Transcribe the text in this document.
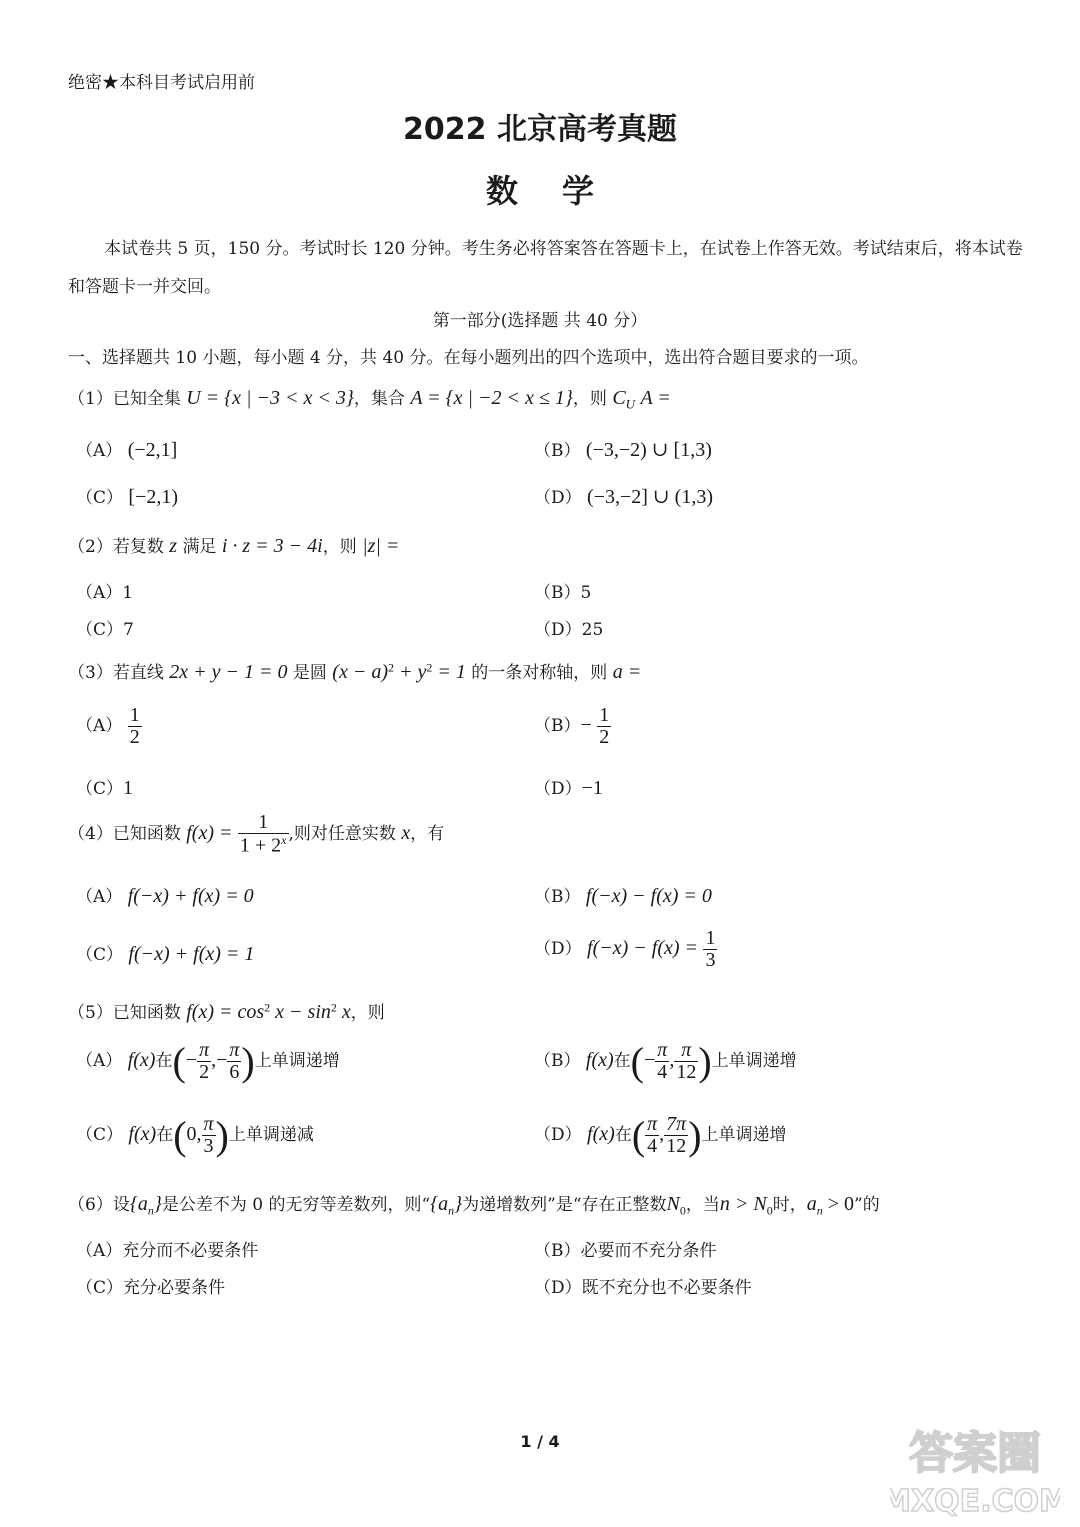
绝密★本科目考试启用前
2022 北京高考真题
数学
本试卷共 5 页，150 分。考试时长 120 分钟。考生务必将答案答在答题卡上，在试卷上作答无效。考试结束后，将本试卷和答题卡一并交回。
第一部分(选择题 共 40 分）
一、选择题共 10 小题，每小题 4 分，共 40 分。在每小题列出的四个选项中，选出符合题目要求的一项。
（1）已知全集 U = {x | −3 < x < 3}，集合 A = {x | −2 < x ≤ 1}，则 $C_U$ A =
（A） (−2,1]	（B） (−3,−2) ∪ [1,3)
（C） [−2,1)	（D） (−3,−2] ∪ (1,3)
（2）若复数 z 满足 i · z = 3 − 4i，则 |z| =
（A）1	（B）5
（C）7	（D）25
（3）若直线 2x + y − 1 = 0 是圆 $(x - a)^2 + y^2 = 1$ 的一条对称轴，则 a =
$(A) \frac{1}{2}$	$(B)- \frac{1}{2}$
（C）1	（D）−1
（4）已知函数 $f(x) = \frac{1}{1 + 2^x}$ ,则对任意实数 x，有
（A） f(−x) + f(x) = 0	（B） f(−x) − f(x) = 0
（C） f(−x) + f(x) = 1	（D） $f(-x) - f(x) = \frac{1}{3}$
（5）已知函数 $f(x) = \cos^2 x - \sin^2 x$，则
（A） f(x)在(− $\frac{\pi}{2}$ ,− $\frac{\pi}{6}$ )上单调递增	（B） f(x)在(− $\frac{\pi}{4}$ , $\frac{\pi}{12}$ )上单调递增
（C） f(x)在(0, $\frac{\pi}{3}$ )上单调递减	（D） f(x)在( $\frac{\pi}{4}$ , $\frac{7\pi}{12}$ )上单调递增
（6）设$\{a_n\}$是公差不为 0 的无穷等差数列，则“$\{a_n\}$为递增数列”是“存在正整数$N_0$，当$n > N_0$时，$a_n > 0$”的
（A）充分而不必要条件	（B）必要而不充分条件
（C）充分必要条件	（D）既不充分也不必要条件
1 / 4	答案圈
MXQE.COM
